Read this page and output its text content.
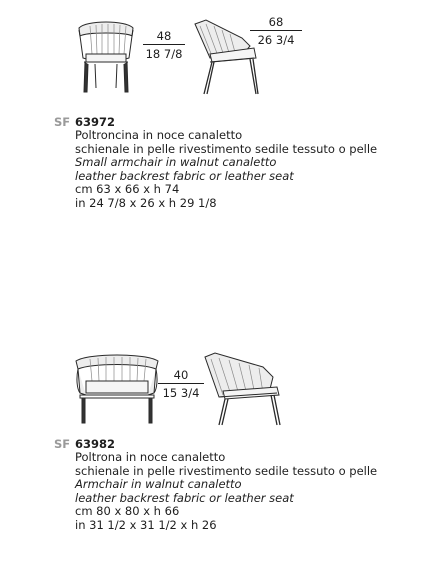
48
18 7/8
68
26 3/4
SF 63972
Poltroncina in noce canaletto
schienale in pelle rivestimento sedile tessuto o pelle
Small armchair in walnut canaletto
leather backrest fabric or leather seat
cm 63 x 66 x h 74
in 24 7/8 x 26 x h 29 1/8
40
15 3/4
SF 63982
Poltrona in noce canaletto
schienale in pelle rivestimento sedile tessuto o pelle
Armchair in walnut canaletto
leather backrest fabric or leather seat
cm 80 x 80 x h 66
in 31 1/2 x 31 1/2 x h 26
